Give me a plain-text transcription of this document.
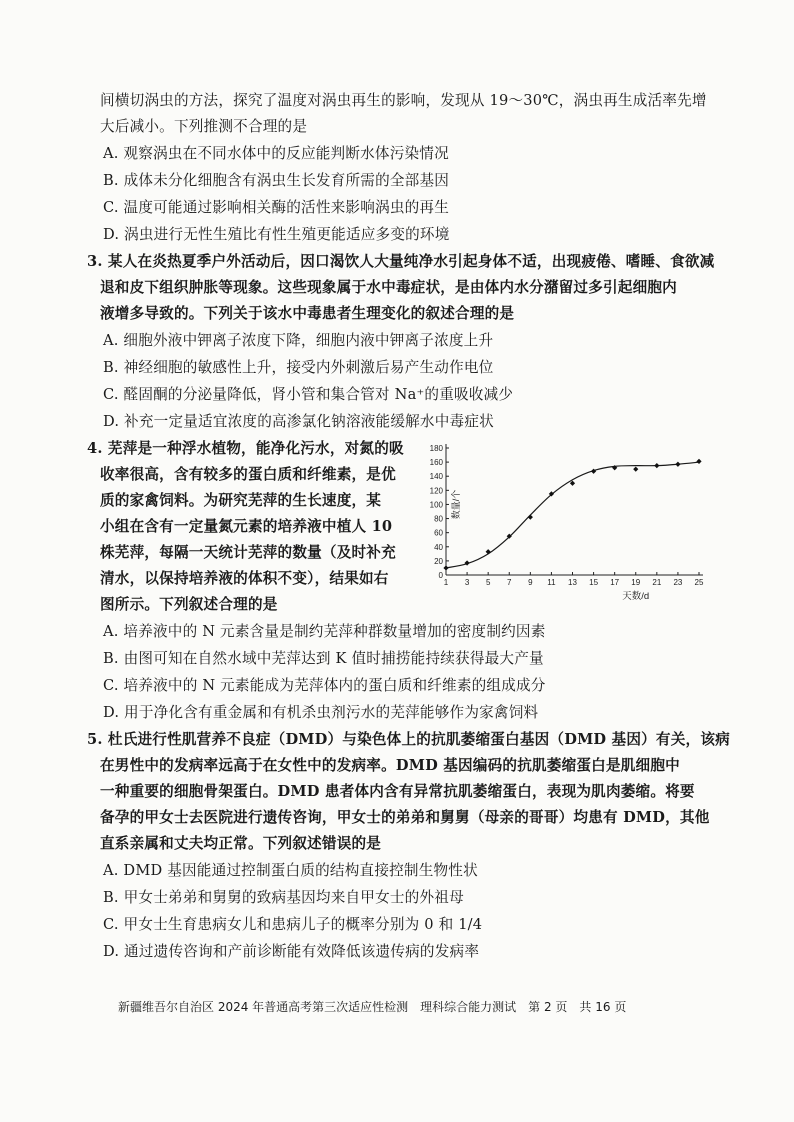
间横切涡虫的方法，探究了温度对涡虫再生的影响，发现从 19～30℃，涡虫再生成活率先增
大后减小。下列推测不合理的是
A. 观察涡虫在不同水体中的反应能判断水体污染情况
B. 成体未分化细胞含有涡虫生长发育所需的全部基因
C. 温度可能通过影响相关酶的活性来影响涡虫的再生
D. 涡虫进行无性生殖比有性生殖更能适应多变的环境
3. 某人在炎热夏季户外活动后，因口渴饮人大量纯净水引起身体不适，出现疲倦、嗜睡、食欲减
退和皮下组织肿胀等现象。这些现象属于水中毒症状，是由体内水分潴留过多引起细胞内
液增多导致的。下列关于该水中毒患者生理变化的叙述合理的是
A. 细胞外液中钾离子浓度下降，细胞内液中钾离子浓度上升
B. 神经细胞的敏感性上升，接受内外刺激后易产生动作电位
C. 醛固酮的分泌量降低，肾小管和集合管对 Na⁺的重吸收减少
D. 补充一定量适宜浓度的高渗氯化钠溶液能缓解水中毒症状
4. 芜萍是一种浮水植物，能净化污水，对氮的吸
收率很高，含有较多的蛋白质和纤维素，是优
质的家禽饲料。为研究芜萍的生长速度，某
小组在含有一定量氮元素的培养液中植人 10
株芜萍，每隔一天统计芜萍的数量（及时补充
清水，以保持培养液的体积不变），结果如右
图所示。下列叙述合理的是
A. 培养液中的 N 元素含量是制约芜萍种群数量增加的密度制约因素
B. 由图可知在自然水域中芜萍达到 K 值时捕捞能持续获得最大产量
C. 培养液中的 N 元素能成为芜萍体内的蛋白质和纤维素的组成成分
D. 用于净化含有重金属和有机杀虫剂污水的芜萍能够作为家禽饲料
0
20
40
60
80
100
120
140
160
180
1 3 5 7 9 11 13 15 17 19 21 23 25
数量/个
天数/d
5. 杜氏进行性肌营养不良症（DMD）与染色体上的抗肌萎缩蛋白基因（DMD 基因）有关，该病
在男性中的发病率远高于在女性中的发病率。DMD 基因编码的抗肌萎缩蛋白是肌细胞中
一种重要的细胞骨架蛋白。DMD 患者体内含有异常抗肌萎缩蛋白，表现为肌肉萎缩。将要
备孕的甲女士去医院进行遗传咨询，甲女士的弟弟和舅舅（母亲的哥哥）均患有 DMD，其他
直系亲属和丈夫均正常。下列叙述错误的是
A. DMD 基因能通过控制蛋白质的结构直接控制生物性状
B. 甲女士弟弟和舅舅的致病基因均来自甲女士的外祖母
C. 甲女士生育患病女儿和患病儿子的概率分别为 0 和 1/4
D. 通过遗传咨询和产前诊断能有效降低该遗传病的发病率
新疆维吾尔自治区 2024 年普通高考第三次适应性检测　理科综合能力测试　第 2 页　共 16 页
